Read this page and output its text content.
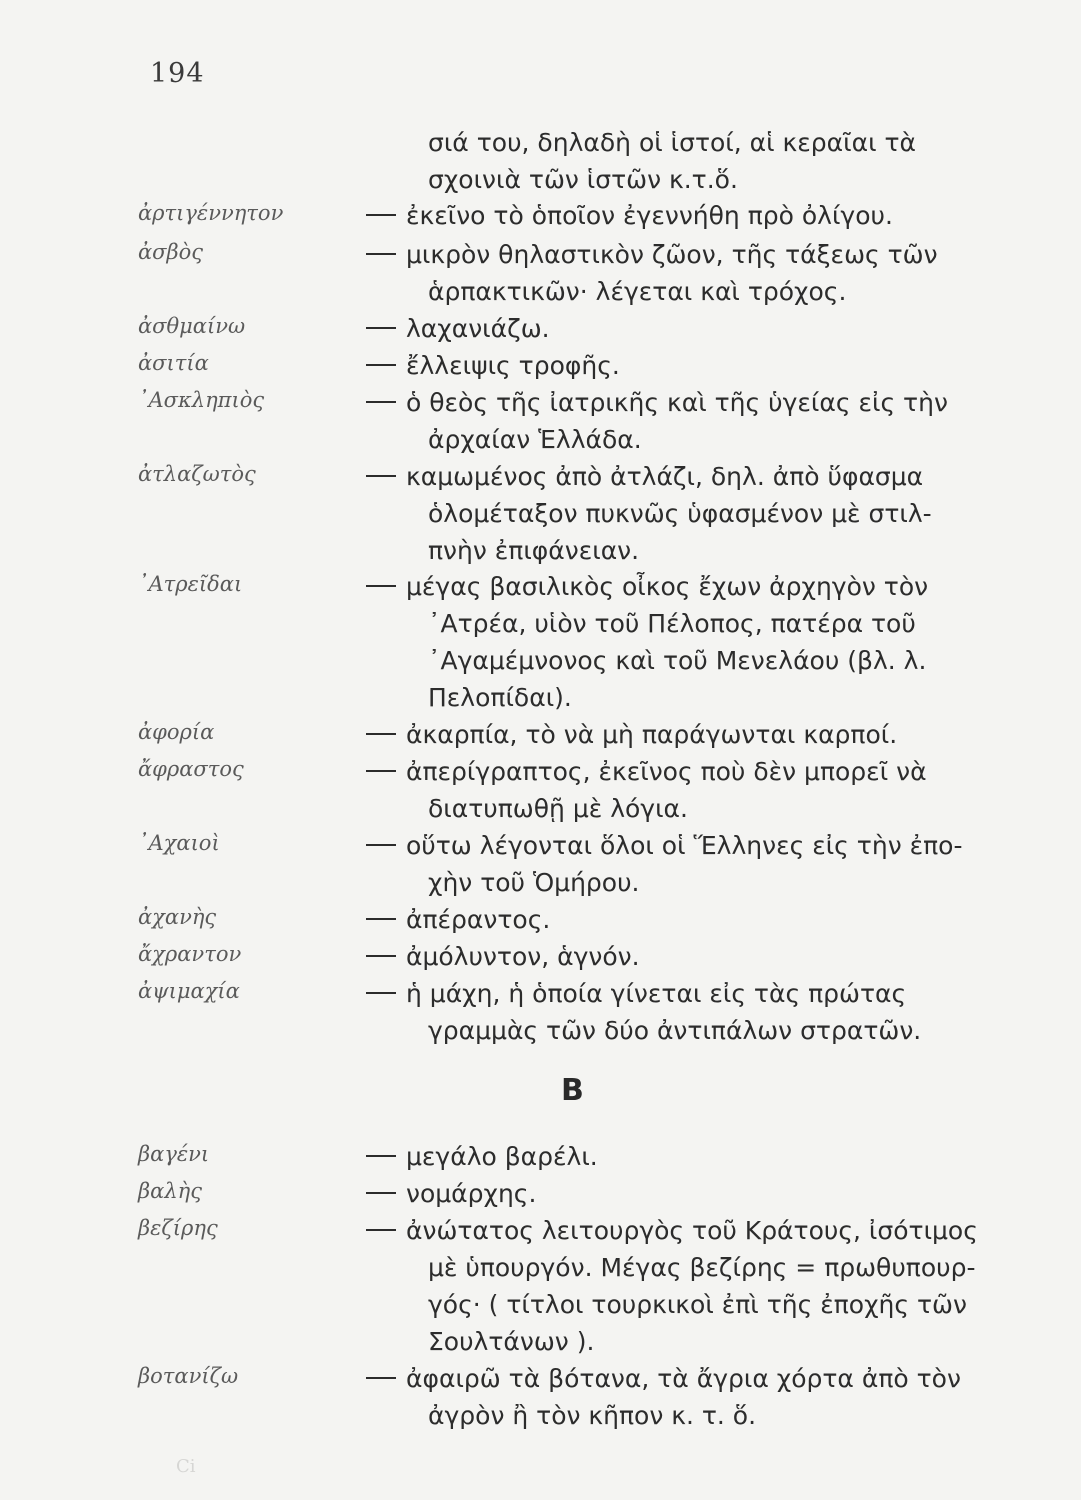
194
σιά του, δηλαδὴ οἱ ἱστοί, αἱ κεραῖαι τὰ
σχοινιὰ τῶν ἱστῶν κ.τ.ὅ.
ἀρτιγέννητον	ἐκεῖνο τὸ ὁποῖον ἐγεννήθη πρὸ ὀλίγου.
ἀσβὸς	μικρὸν θηλαστικὸν ζῶον, τῆς τάξεως τῶν
ἁρπακτικῶν· λέγεται καὶ τρόχος.
ἀσθμαίνω	λαχανιάζω.
ἀσιτία	ἔλλειψις τροφῆς.
᾿Ασκληπιὸς	ὁ θεὸς τῆς ἰατρικῆς καὶ τῆς ὑγείας εἰς τὴν
ἀρχαίαν Ἑλλάδα.
ἀτλαζωτὸς	καμωμένος ἀπὸ ἀτλάζι, δηλ. ἀπὸ ὕφασμα
ὁλομέταξον πυκνῶς ὑφασμένον μὲ στιλ-
πνὴν ἐπιφάνειαν.
᾿Ατρεῖδαι	μέγας βασιλικὸς οἶκος ἔχων ἀρχηγὸν τὸν
᾿Ατρέα, υἱὸν τοῦ Πέλοπος, πατέρα τοῦ
᾿Αγαμέμνονος καὶ τοῦ Μενελάου (βλ. λ.
Πελοπίδαι).
ἀφορία	ἀκαρπία, τὸ νὰ μὴ παράγωνται καρποί.
ἄφραστος	ἀπερίγραπτος, ἐκεῖνος ποὺ δὲν μπορεῖ νὰ
διατυπωθῇ μὲ λόγια.
᾿Αχαιοὶ	οὕτω λέγονται ὅλοι οἱ Ἕλληνες εἰς τὴν ἐπο-
χὴν τοῦ Ὁμήρου.
ἀχανὴς	ἀπέραντος.
ἄχραντον	ἀμόλυντον, ἁγνόν.
ἀψιμαχία	ἡ μάχη, ἡ ὁποία γίνεται εἰς τὰς πρώτας
γραμμὰς τῶν δύο ἀντιπάλων στρατῶν.
B
βαγένι	μεγάλο βαρέλι.
βαλὴς	νομάρχης.
βεζίρης	ἀνώτατος λειτουργὸς τοῦ Κράτους, ἰσότιμος
μὲ ὑπουργόν. Μέγας βεζίρης = πρωθυπουρ-
γός· ( τίτλοι τουρκικοὶ ἐπὶ τῆς ἐποχῆς τῶν
Σουλτάνων ).
βοτανίζω	ἀφαιρῶ τὰ βότανα, τὰ ἄγρια χόρτα ἀπὸ τὸν
ἀγρὸν ἢ τὸν κῆπον κ. τ. ὅ.
Ci
